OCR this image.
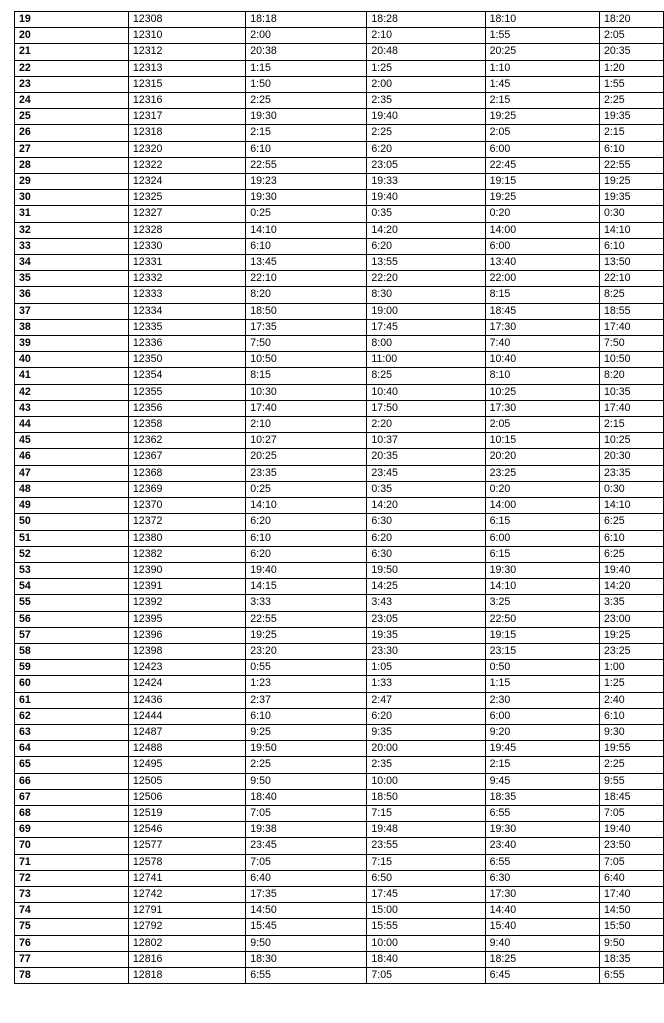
19	12308	18:18	18:28	18:10	18:20
20	12310	2:00	2:10	1:55	2:05
21	12312	20:38	20:48	20:25	20:35
22	12313	1:15	1:25	1:10	1:20
23	12315	1:50	2:00	1:45	1:55
24	12316	2:25	2:35	2:15	2:25
25	12317	19:30	19:40	19:25	19:35
26	12318	2:15	2:25	2:05	2:15
27	12320	6:10	6:20	6:00	6:10
28	12322	22:55	23:05	22:45	22:55
29	12324	19:23	19:33	19:15	19:25
30	12325	19:30	19:40	19:25	19:35
31	12327	0:25	0:35	0:20	0:30
32	12328	14:10	14:20	14:00	14:10
33	12330	6:10	6:20	6:00	6:10
34	12331	13:45	13:55	13:40	13:50
35	12332	22:10	22:20	22:00	22:10
36	12333	8:20	8:30	8:15	8:25
37	12334	18:50	19:00	18:45	18:55
38	12335	17:35	17:45	17:30	17:40
39	12336	7:50	8:00	7:40	7:50
40	12350	10:50	11:00	10:40	10:50
41	12354	8:15	8:25	8:10	8:20
42	12355	10:30	10:40	10:25	10:35
43	12356	17:40	17:50	17:30	17:40
44	12358	2:10	2:20	2:05	2:15
45	12362	10:27	10:37	10:15	10:25
46	12367	20:25	20:35	20:20	20:30
47	12368	23:35	23:45	23:25	23:35
48	12369	0:25	0:35	0:20	0:30
49	12370	14:10	14:20	14:00	14:10
50	12372	6:20	6:30	6:15	6:25
51	12380	6:10	6:20	6:00	6:10
52	12382	6:20	6:30	6:15	6:25
53	12390	19:40	19:50	19:30	19:40
54	12391	14:15	14:25	14:10	14:20
55	12392	3:33	3:43	3:25	3:35
56	12395	22:55	23:05	22:50	23:00
57	12396	19:25	19:35	19:15	19:25
58	12398	23:20	23:30	23:15	23:25
59	12423	0:55	1:05	0:50	1:00
60	12424	1:23	1:33	1:15	1:25
61	12436	2:37	2:47	2:30	2:40
62	12444	6:10	6:20	6:00	6:10
63	12487	9:25	9:35	9:20	9:30
64	12488	19:50	20:00	19:45	19:55
65	12495	2:25	2:35	2:15	2:25
66	12505	9:50	10:00	9:45	9:55
67	12506	18:40	18:50	18:35	18:45
68	12519	7:05	7:15	6:55	7:05
69	12546	19:38	19:48	19:30	19:40
70	12577	23:45	23:55	23:40	23:50
71	12578	7:05	7:15	6:55	7:05
72	12741	6:40	6:50	6:30	6:40
73	12742	17:35	17:45	17:30	17:40
74	12791	14:50	15:00	14:40	14:50
75	12792	15:45	15:55	15:40	15:50
76	12802	9:50	10:00	9:40	9:50
77	12816	18:30	18:40	18:25	18:35
78	12818	6:55	7:05	6:45	6:55
